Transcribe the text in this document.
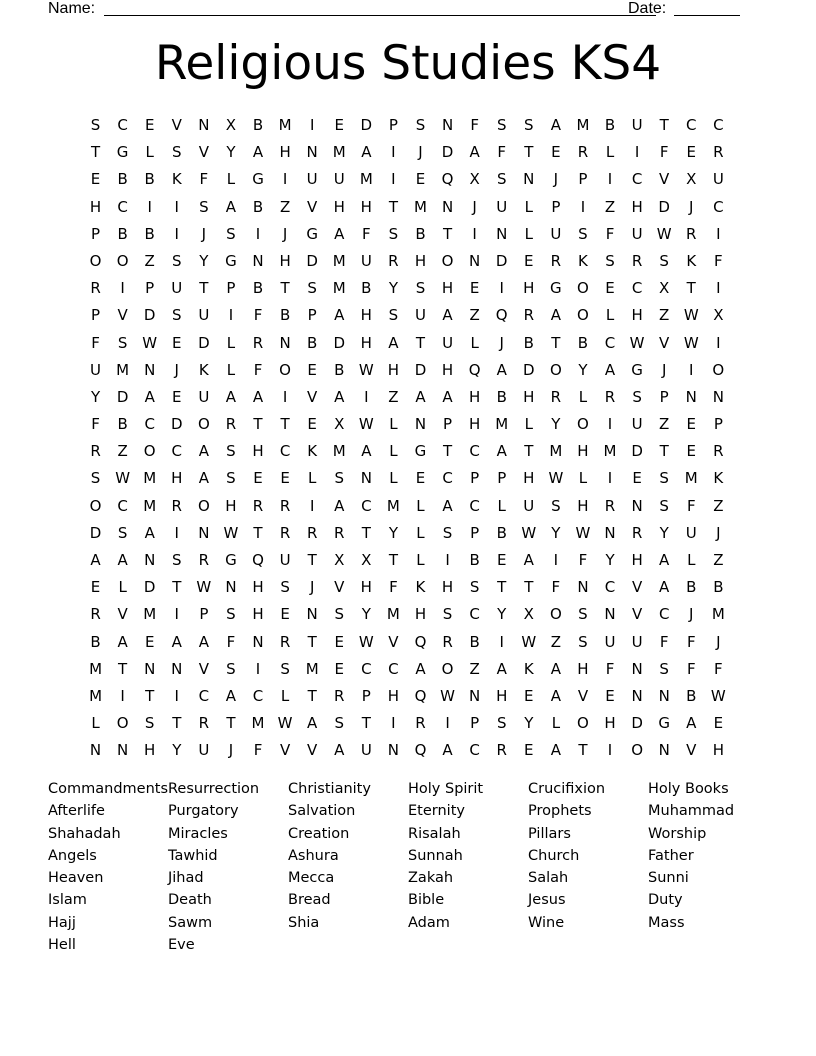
Name:	Date:
Religious Studies KS4
S	C	E	V	N	X	B	M	I	E	D	P	S	N	F	S	S	A	M	B	U	T	C	C
T	G	L	S	V	Y	A	H	N M	A	I	J	D	A	F	T	E	R	L	I	F	E	R
E	B	B	K	F	L	G	I	U	U	M	I	E	Q	X	S	N	J	P	I	C	V	X	U
H	C	I	I	S	A	B	Z	V	H	H	T	M N	J	U	L	P	I	Z	H	D	J	C
P	B	B	I	J	S	I	J	G	A	F	S	B	T	I	N	L	U	S	F	U W R	I
O	O	Z	S	Y	G	N	H	D M	U	R	H	O	N	D	E	R	K	S	R	S	K	F
R	I	P	U	T	P	B	T	S	M	B	Y	S	H	E	I	H	G	O	E	C	X	T	I
P	V	D	S	U	I	F	B	P	A	H	S	U	A	Z	Q	R	A	O	L	H	Z W X
F	S W E	D	L	R	N	B	D	H	A	T	U	L	J	B	T	B	C W V W	I
U	M N	J	K	L	F	O	E	B W H	D	H	Q	A	D	O	Y	A	G	J	I	O
Y	D	A	E	U	A	A	I	V	A	I	Z	A	A	H	B	H	R	L	R	S	P	N	N
F	B	C	D	O	R	T	T	E	X W	L	N	P	H M	L	Y	O	I	U	Z	E	P
R	Z	O	C	A	S	H	C	K	M	A	L	G	T	C	A	T	M H M D	T	E	R
S W M H	A	S	E	E	L	S	N	L	E	C	P	P	H W	L	I	E	S	M	K
O	C	M	R	O	H	R	R	I	A	C	M	L	A	C	L	U	S	H	R	N	S	F	Z
D	S	A	I	N W	T	R	R	R	T	Y	L	S	P	B W	Y	W N	R	Y	U	J
A	A	N	S	R	G	Q	U	T	X	X	T	L	I	B	E	A	I	F	Y	H	A	L	Z
E	L	D	T	W N	H	S	J	V	H	F	K	H	S	T	T	F	N	C	V	A	B	B
R	V	M	I	P	S	H	E	N	S	Y	M H	S	C	Y	X	O	S	N	V	C	J	M
B	A	E	A	A	F	N	R	T	E W V	Q	R	B	I	W Z	S	U	U	F	F	J
M	T	N	N	V	S	I	S	M	E	C	C	A	O	Z	A	K	A	H	F	N	S	F	F
M	I	T	I	C	A	C	L	T	R	P	H	Q W N	H	E	A	V	E	N	N	B W
L	O	S	T	R	T	M W A	S	T	I	R	I	P	S	Y	L	O	H	D	G	A	E
N	N	H	Y	U	J	F	V	V	A	U	N	Q	A	C	R	E	A	T	I	O	N	V	H
Commandments Resurrection	Christianity	Holy Spirit	Crucifixion	Holy Books
Afterlife	Purgatory	Salvation	Eternity	Prophets	Muhammad
Shahadah	Miracles	Creation	Risalah	Pillars	Worship
Angels	Tawhid	Ashura	Sunnah	Church	Father
Heaven	Jihad	Mecca	Zakah	Salah	Sunni
Islam	Death	Bread	Bible	Jesus	Duty
Hajj	Sawm	Shia	Adam	Wine	Mass
Hell	Eve
